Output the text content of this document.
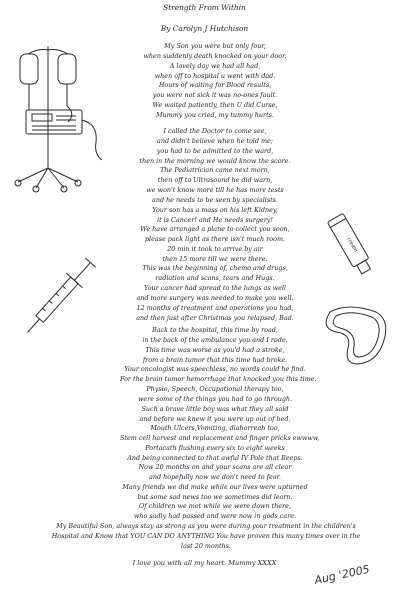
Strength From Within
By Carolyn J Hutchison
My Son you were but only four,
when suddenly death knocked on your door.
A lovely day we had all had,
when off to hospital u went with dad.
Hours of waiting for Blood results,
you were not sick it was no-ones fault.
We waited patiently, then U did Curse,
Mummy you cried, my tummy hurts.
I called the Doctor to come see,
and didn't believe when he told me;
you had to be admitted to the ward,
then in the morning we would know the score.
The Pediatrician came next morn,
then off to Ultrasound he did warn,
we won't know more till he has more tests
and he needs to be seen by specialists.
Your son has a mass on his left Kidney,
it is Cancer! and He needs surgery!
We have arranged a plane to collect you soon,
please pack light as there isn't much room.
20 min it took to arrive by air
then 15 more till we were there.
This was the beginning of, chemo and drugs,
radiation and scans, tears and Hugs.
Your cancer had spread to the lungs as well
and more surgery was needed to make you well.
12 months of treatment and operations you had,
and then just after Christmas you relapsed, Bad.
Back to the hospital, this time by road,
in the back of the ambulance you and I rode.
This time was worse as you'd had a stroke,
from a brain tumor that this time had broke.
Your oncologist was speechless, no words could he find.
For the brain tumor hemorrhage that knocked you this time.
Physio, Speech, Occupational therapy too,
were some of the things you had to go through.
Such a brave little boy was what they all said
and before we knew it you were up out of bed,
Mouth Ulcers,Vomiting, diahorreah too,
Stem cell harvest and replacement and finger pricks ewwww,
Portacath flushing every six to eight weeks
And being connected to that awful IV Pole that Beeps.
Now 20 months on and your scans are all clear
and hopefully now we don't need to fear.
Many friends we did make while our lives were upturned
but some sad news too we sometimes did learn.
Of children we met while we were down there,
who sadly had passed and were now in gods care.
My Beautiful Son, always stay as strong as you were during your treatment in the children's Hospital and Know that YOU CAN DO ANYTHING You have proven this many times over in the last 20 months.
I love you with all my heart. Mummy XXXX	Aug '2005
cream
